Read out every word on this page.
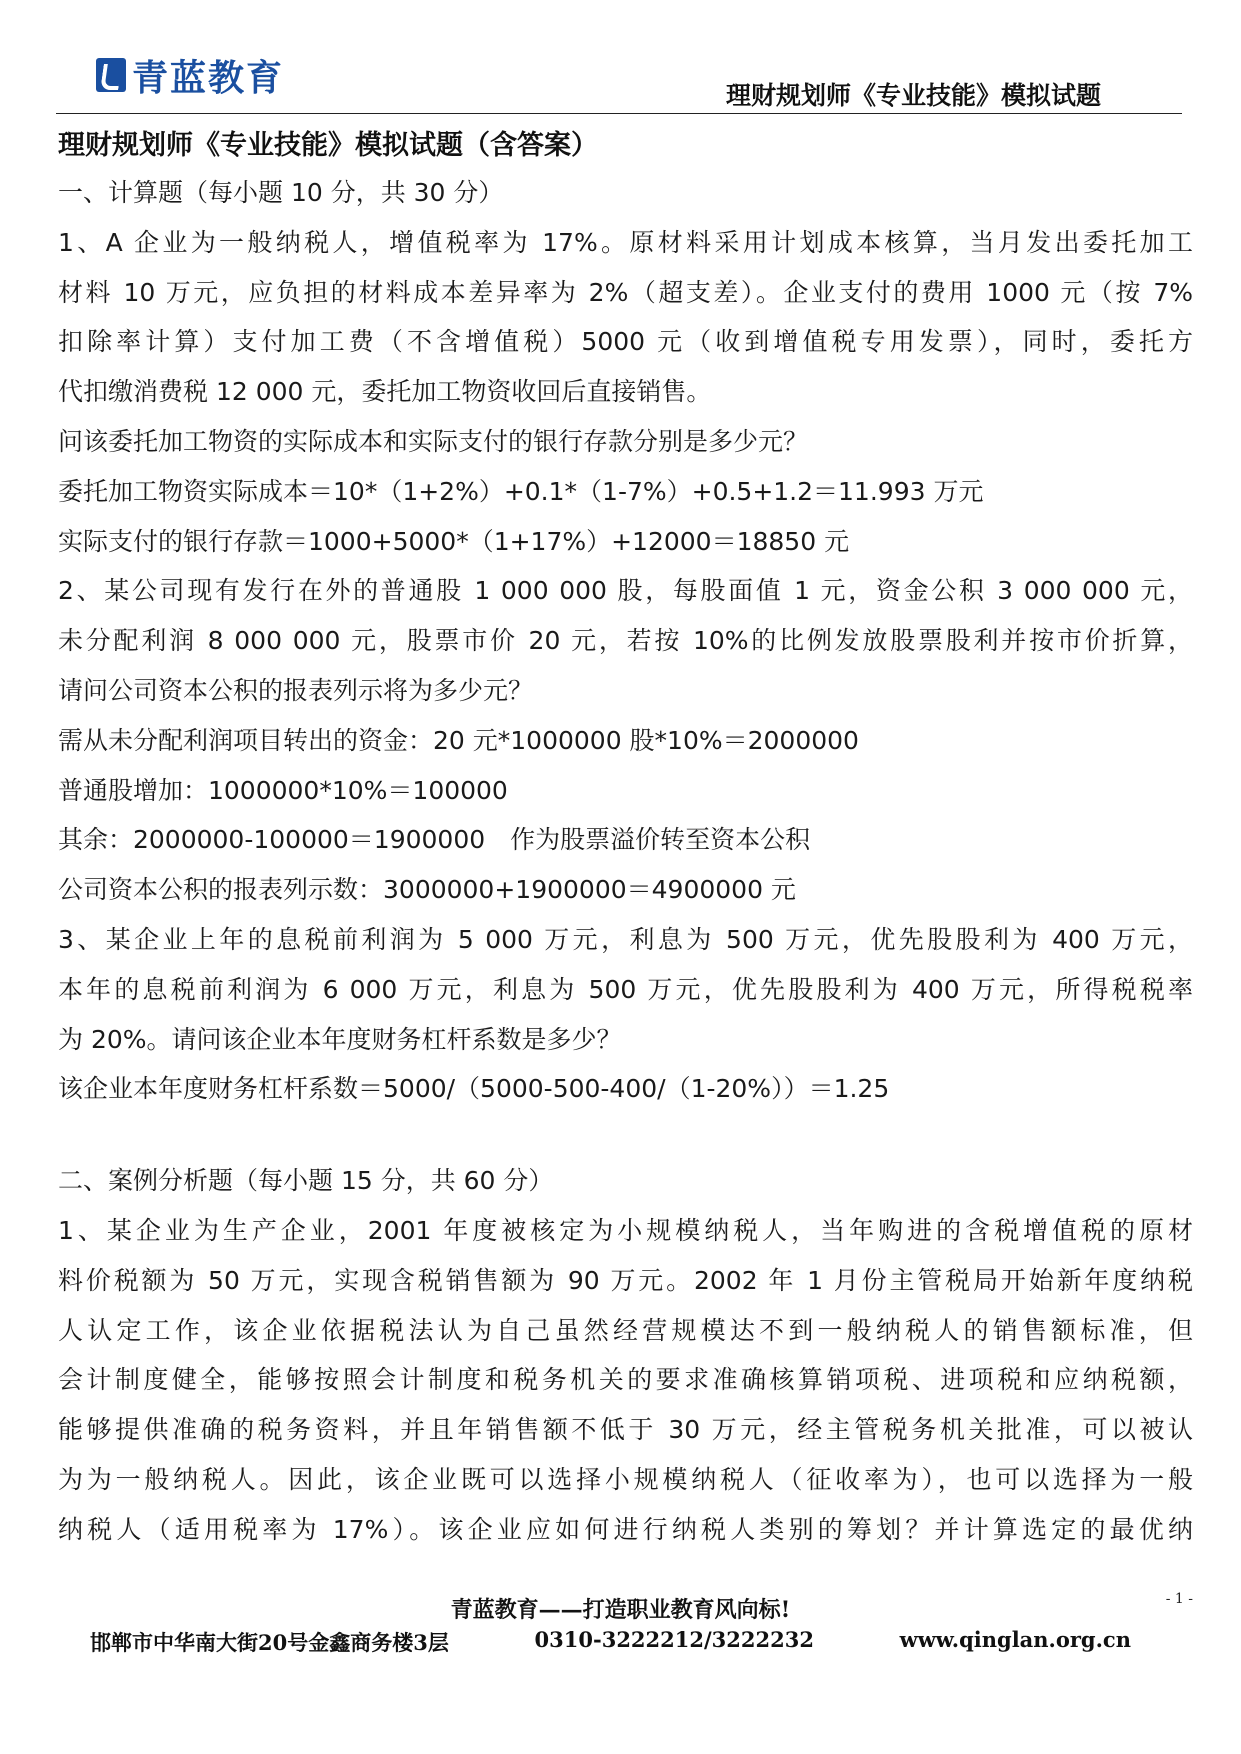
青蓝教育	理财规划师《专业技能》模拟试题
理财规划师《专业技能》模拟试题（含答案）

一、计算题（每小题 10 分，共 30 分）

1、A 企业为一般纳税人，增值税率为 17%。原材料采用计划成本核算，当月发出委托加工

材料 10 万元，应负担的材料成本差异率为 2%（超支差）。企业支付的费用 1000 元（按 7%

扣除率计算）支付加工费（不含增值税）5000 元（收到增值税专用发票），同时，委托方

代扣缴消费税 12 000 元，委托加工物资收回后直接销售。

问该委托加工物资的实际成本和实际支付的银行存款分别是多少元？

委托加工物资实际成本＝10*（1+2%）+0.1*（1-7%）+0.5+1.2＝11.993 万元

实际支付的银行存款＝1000+5000*（1+17%）+12000＝18850 元

2、某公司现有发行在外的普通股 1 000 000 股，每股面值 1 元，资金公积 3 000 000 元，

未分配利润 8 000 000 元，股票市价 20 元，若按 10%的比例发放股票股利并按市价折算，

请问公司资本公积的报表列示将为多少元？

需从未分配利润项目转出的资金：20 元*1000000 股*10%＝2000000

普通股增加：1000000*10%＝100000

其余：2000000-100000＝1900000　作为股票溢价转至资本公积

公司资本公积的报表列示数：3000000+1900000＝4900000 元

3、某企业上年的息税前利润为 5 000 万元，利息为 500 万元，优先股股利为 400 万元，

本年的息税前利润为 6 000 万元，利息为 500 万元，优先股股利为 400 万元，所得税税率

为 20%。请问该企业本年度财务杠杆系数是多少？

该企业本年度财务杠杆系数＝5000/（5000-500-400/（1-20%））＝1.25

二、案例分析题（每小题 15 分，共 60 分）

1、某企业为生产企业，2001 年度被核定为小规模纳税人，当年购进的含税增值税的原材

料价税额为 50 万元，实现含税销售额为 90 万元。2002 年 1 月份主管税局开始新年度纳税

人认定工作，该企业依据税法认为自己虽然经营规模达不到一般纳税人的销售额标准，但

会计制度健全，能够按照会计制度和税务机关的要求准确核算销项税、进项税和应纳税额，

能够提供准确的税务资料，并且年销售额不低于 30 万元，经主管税务机关批准，可以被认

为为一般纳税人。因此，该企业既可以选择小规模纳税人（征收率为），也可以选择为一般

纳税人（适用税率为 17%）。该企业应如何进行纳税人类别的筹划？并计算选定的最优纳

青蓝教育——打造职业教育风向标!	- 1 -
邯郸市中华南大街20号金鑫商务楼3层	0310-3222212/3222232	www.qinglan.org.cn
